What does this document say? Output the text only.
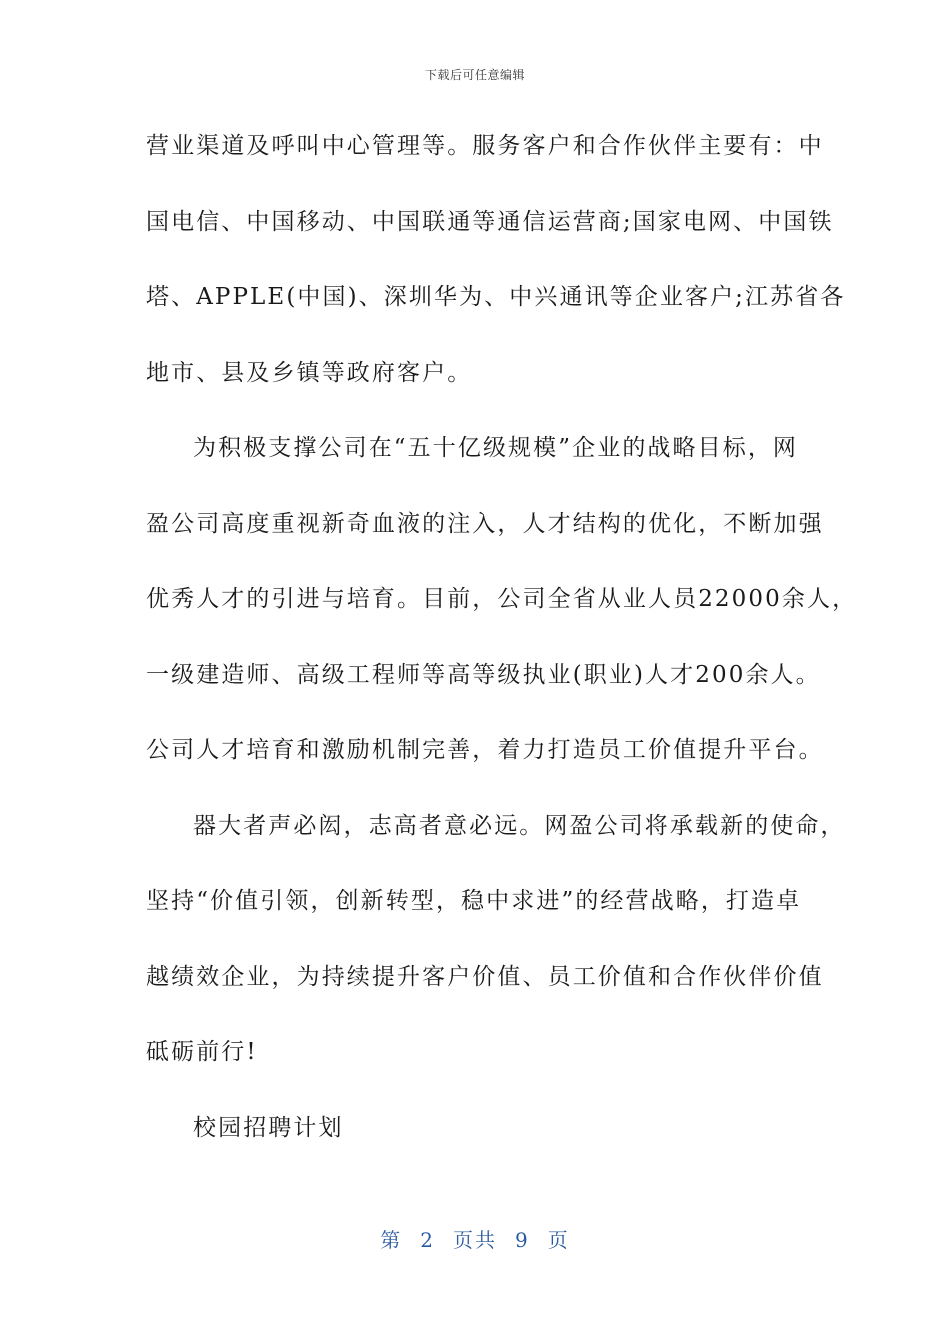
下载后可任意编辑
营业渠道及呼叫中心管理等。服务客户和合作伙伴主要有：中
国电信、中国移动、中国联通等通信运营商;国家电网、中国铁
塔、APPLE(中国)、深圳华为、中兴通讯等企业客户;江苏省各
地市、县及乡镇等政府客户。
为积极支撑公司在“五十亿级规模”企业的战略目标，网
盈公司高度重视新奇血液的注入，人才结构的优化，不断加强
优秀人才的引进与培育。目前，公司全省从业人员22000余人，
一级建造师、高级工程师等高等级执业(职业)人才200余人。
公司人才培育和激励机制完善，着力打造员工价值提升平台。
器大者声必闳，志高者意必远。网盈公司将承载新的使命，
坚持“价值引领，创新转型，稳中求进”的经营战略，打造卓
越绩效企业，为持续提升客户价值、员工价值和合作伙伴价值
砥砺前行!
校园招聘计划
第 2 页共 9 页
